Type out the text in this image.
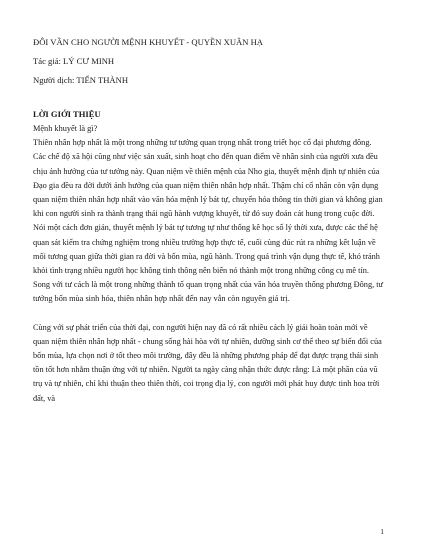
ĐÔI VẦN CHO NGƯỜI MỆNH KHUYẾT - QUYỀN XUÂN HẠ

Tác giả: LÝ CƯ MINH

Người dịch: TIẾN THÀNH

LỜI GIỚI THIỆU

Mệnh khuyết là gì?

Thiên nhân hợp nhất là một trong những tư tưởng quan trọng nhất trong triết học cổ đại phương đông. Các chế độ xã hội cũng như việc sản xuất, sinh hoạt cho đến quan điểm về nhân sinh của người xưa đều chịu ảnh hưởng của tư tưởng này. Quan niệm về thiên mệnh của Nho gia, thuyết mệnh định tự nhiên của Đạo gia đều ra đời dưới ảnh hưởng của quan niệm thiên nhân hợp nhất. Thậm chí cổ nhân còn vận dụng quan niệm thiên nhân hợp nhất vào văn hóa mệnh lý bát tự, chuyển hóa thông tin thời gian và không gian khi con người sinh ra thành trạng thái ngũ hành vượng khuyết, từ đó suy đoán cát hung trong cuộc đời.

Nói một cách đơn giản, thuyết mệnh lý bát tự tương tự như thống kê học số lý thời xưa, được các thế hệ quan sát kiểm tra chứng nghiệm trong nhiều trường hợp thực tế, cuối cùng đúc rút ra những kết luận về mối tương quan giữa thời gian ra đời và bốn mùa, ngũ hành. Trong quá trình vận dụng thực tế, khó tránh khỏi tình trạng nhiều người học không tinh thông nên biến nó thành một trong những công cụ mê tín. Song với tư cách là một trong những thành tố quan trọng nhất của văn hóa truyền thống phương Đông, tư tưởng bốn mùa sinh hóa, thiên nhân hợp nhất đến nay vẫn còn nguyên giá trị.

Cùng với sự phát triển của thời đại, con người hiện nay đã có rất nhiều cách lý giải hoàn toàn mới về quan niệm thiên nhân hợp nhất - chung sống hài hòa với tự nhiên, dưỡng sinh cơ thể theo sự biến đổi của bốn mùa, lựa chọn nơi ở tốt theo môi trường, đây đều là những phương pháp để đạt được trạng thái sinh tồn tốt hơn nhằm thuận ứng với tự nhiên. Người ta ngày càng nhận thức được rằng: Là một phần của vũ trụ và tự nhiên, chỉ khi thuận theo thiên thời, coi trọng địa lý, con người mới phát huy được tinh hoa trời đất, và

1
